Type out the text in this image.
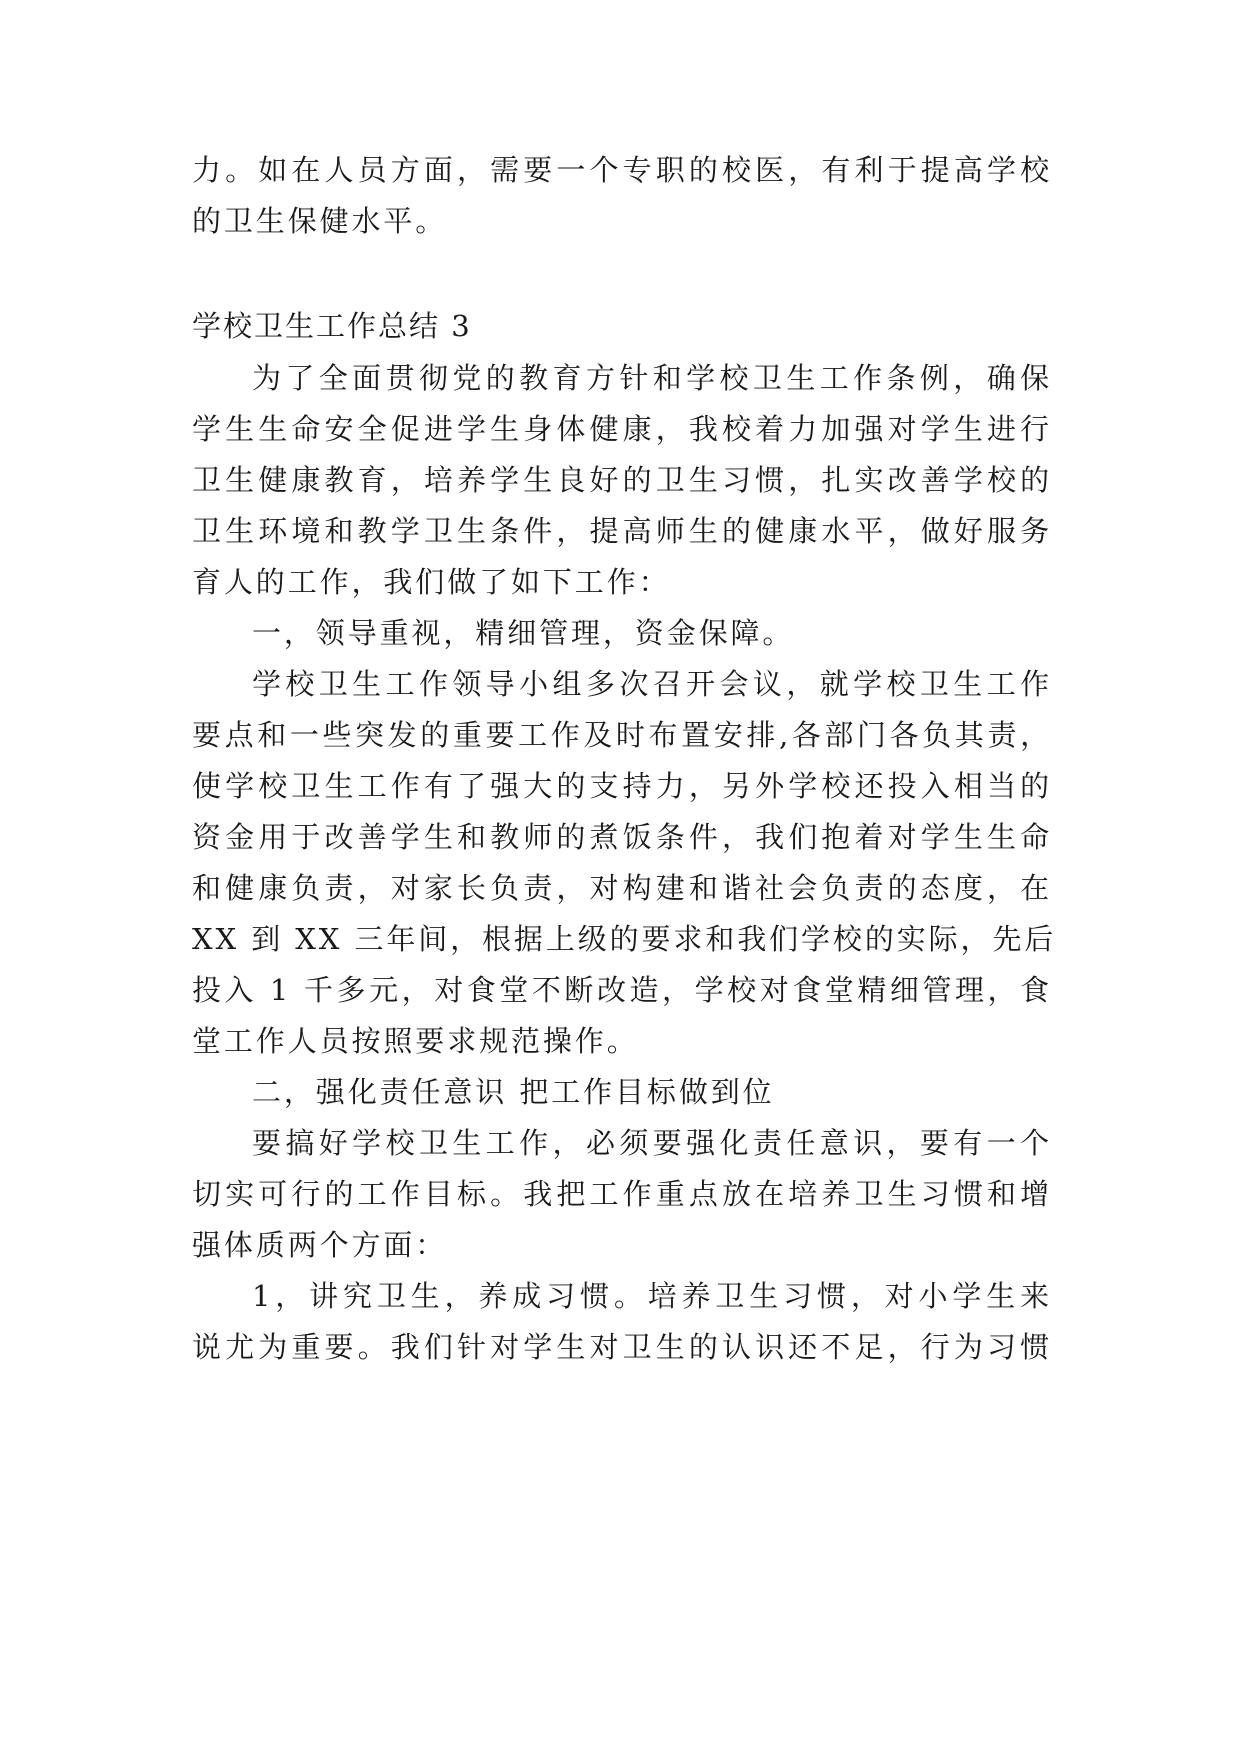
力。如在人员方面，需要一个专职的校医，有利于提高学校
的卫生保健水平。
学校卫生工作总结 3
为了全面贯彻党的教育方针和学校卫生工作条例，确保
学生生命安全促进学生身体健康，我校着力加强对学生进行
卫生健康教育，培养学生良好的卫生习惯，扎实改善学校的
卫生环境和教学卫生条件，提高师生的健康水平，做好服务
育人的工作，我们做了如下工作：
一，领导重视，精细管理，资金保障。
学校卫生工作领导小组多次召开会议，就学校卫生工作
要点和一些突发的重要工作及时布置安排,各部门各负其责，
使学校卫生工作有了强大的支持力，另外学校还投入相当的
资金用于改善学生和教师的煮饭条件，我们抱着对学生生命
和健康负责，对家长负责，对构建和谐社会负责的态度，在
XX 到 XX 三年间，根据上级的要求和我们学校的实际，先后
投入 1 千多元，对食堂不断改造，学校对食堂精细管理，食
堂工作人员按照要求规范操作。
二，强化责任意识 把工作目标做到位
要搞好学校卫生工作，必须要强化责任意识，要有一个
切实可行的工作目标。我把工作重点放在培养卫生习惯和增
强体质两个方面：
1，讲究卫生，养成习惯。培养卫生习惯，对小学生来
说尤为重要。我们针对学生对卫生的认识还不足，行为习惯
